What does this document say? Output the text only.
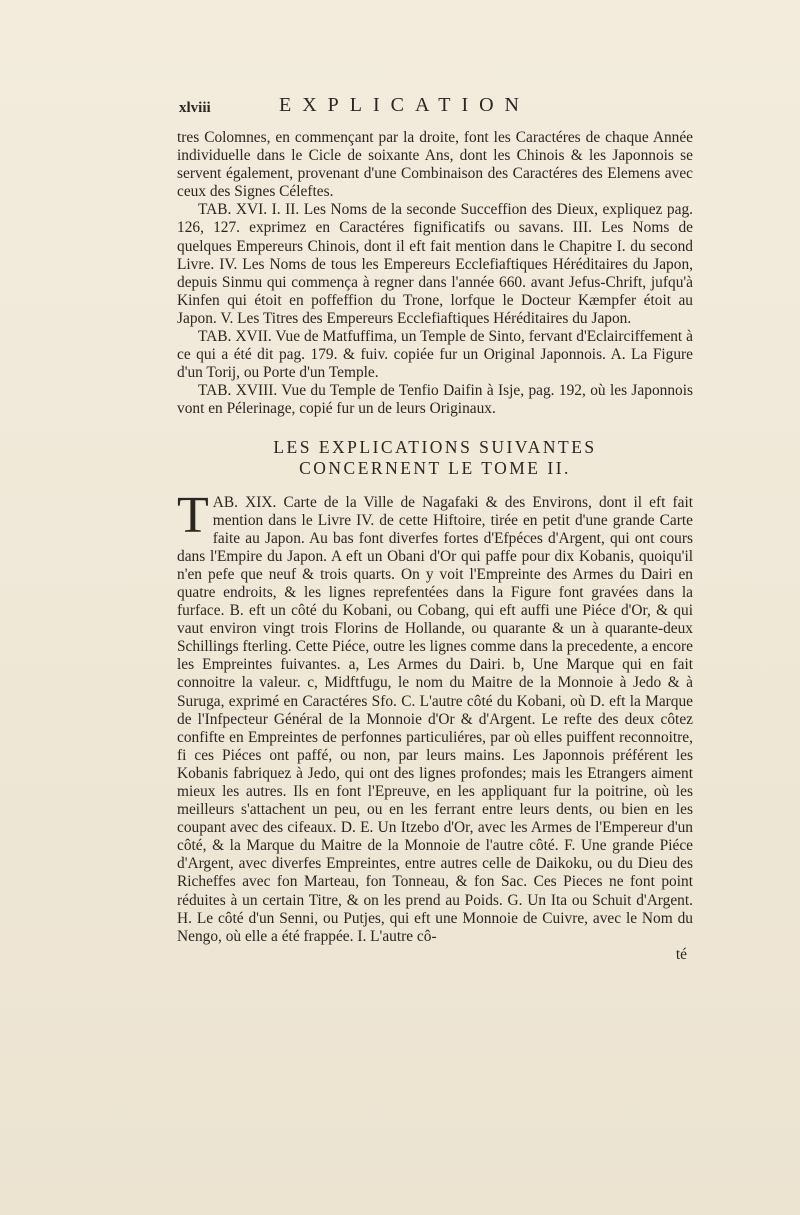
xlviii	EXPLICATION

tres Colomnes, en commençant par la droite, font les Caractéres de chaque Année individuelle dans le Cicle de soixante Ans, dont les Chinois & les Japonnois se servent également, provenant d'une Combinaison des Caractéres des Elemens avec ceux des Signes Céleftes.

TAB. XVI. I. II. Les Noms de la seconde Succeffion des Dieux, expliquez pag. 126, 127. exprimez en Caractéres fignificatifs ou savans. III. Les Noms de quelques Empereurs Chinois, dont il eft fait mention dans le Chapitre I. du second Livre. IV. Les Noms de tous les Empereurs Ecclefiaftiques Héréditaires du Japon, depuis Sinmu qui commença à regner dans l'année 660. avant Jefus-Chrift, jufqu'à Kinfen qui étoit en poffeffion du Trone, lorfque le Docteur Kæmpfer étoit au Japon. V. Les Titres des Empereurs Ecclefiaftiques Héréditaires du Japon.

TAB. XVII. Vue de Matfuffima, un Temple de Sinto, fervant d'Eclairciffement à ce qui a été dit pag. 179. & fuiv. copiée fur un Original Japonnois. A. La Figure d'un Torij, ou Porte d'un Temple.

TAB. XVIII. Vue du Temple de Tenfio Daifin à Isje, pag. 192, où les Japonnois vont en Pélerinage, copié fur un de leurs Originaux.

LES EXPLICATIONS SUIVANTES
CONCERNENT LE TOME II.

TAB. XIX. Carte de la Ville de Nagafaki & des Environs, dont il eft fait mention dans le Livre IV. de cette Hiftoire, tirée en petit d'une grande Carte faite au Japon. Au bas font diverfes fortes d'Efpéces d'Argent, qui ont cours dans l'Empire du Japon. A eft un Obani d'Or qui paffe pour dix Kobanis, quoiqu'il n'en pefe que neuf & trois quarts. On y voit l'Empreinte des Armes du Dairi en quatre endroits, & les lignes reprefentées dans la Figure font gravées dans la furface. B. eft un côté du Kobani, ou Cobang, qui eft auffi une Piéce d'Or, & qui vaut environ vingt trois Florins de Hollande, ou quarante & un à quarante-deux Schillings fterling. Cette Piéce, outre les lignes comme dans la precedente, a encore les Empreintes fuivantes. a, Les Armes du Dairi. b, Une Marque qui en fait connoitre la valeur. c, Midftfugu, le nom du Maitre de la Monnoie à Jedo & à Suruga, exprimé en Caractéres Sfo. C. L'autre côté du Kobani, où D. eft la Marque de l'Infpecteur Général de la Monnoie d'Or & d'Argent. Le refte des deux côtez confifte en Empreintes de perfonnes particuliéres, par où elles puiffent reconnoitre, fi ces Piéces ont paffé, ou non, par leurs mains. Les Japonnois préférent les Kobanis fabriquez à Jedo, qui ont des lignes profondes; mais les Etrangers aiment mieux les autres. Ils en font l'Epreuve, en les appliquant fur la poitrine, où les meilleurs s'attachent un peu, ou en les ferrant entre leurs dents, ou bien en les coupant avec des cifeaux. D. E. Un Itzebo d'Or, avec les Armes de l'Empereur d'un côté, & la Marque du Maitre de la Monnoie de l'autre côté. F. Une grande Piéce d'Argent, avec diverfes Empreintes, entre autres celle de Daikoku, ou du Dieu des Richeffes avec fon Marteau, fon Tonneau, & fon Sac. Ces Pieces ne font point réduites à un certain Titre, & on les prend au Poids. G. Un Ita ou Schuit d'Argent. H. Le côté d'un Senni, ou Putjes, qui eft une Monnoie de Cuivre, avec le Nom du Nengo, où elle a été frappée. I. L'autre cô-

té
